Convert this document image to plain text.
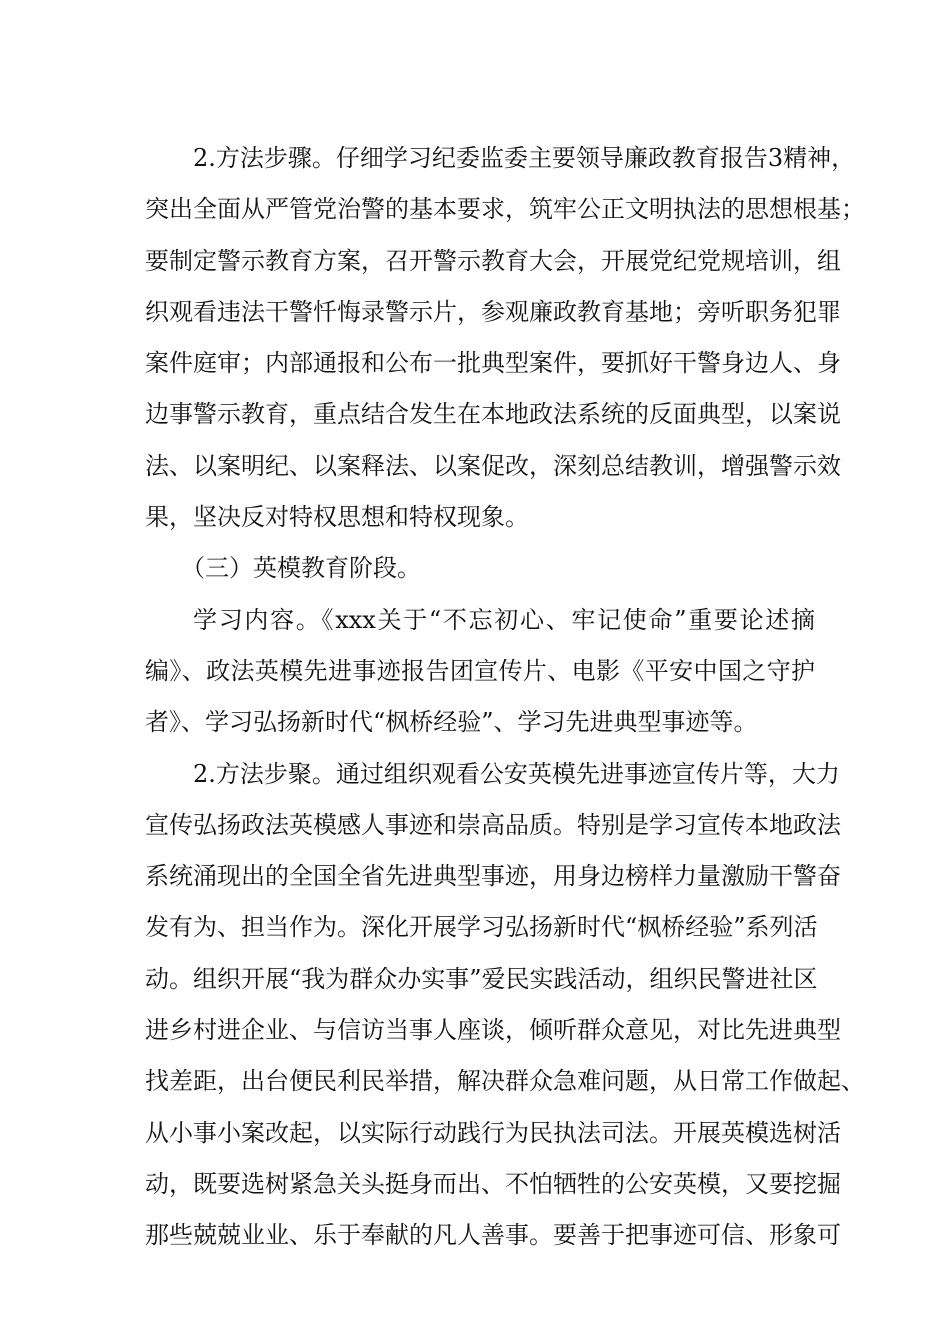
2.方法步骤。仔细学习纪委监委主要领导廉政教育报告3精神，
突出全面从严管党治警的基本要求，筑牢公正文明执法的思想根基；
要制定警示教育方案，召开警示教育大会，开展党纪党规培训，组
织观看违法干警忏悔录警示片，参观廉政教育基地；旁听职务犯罪
案件庭审；内部通报和公布一批典型案件，要抓好干警身边人、身
边事警示教育，重点结合发生在本地政法系统的反面典型，以案说
法、以案明纪、以案释法、以案促改，深刻总结教训，增强警示效
果，坚决反对特权思想和特权现象。
（三）英模教育阶段。
学习内容。《xxx关于“不忘初心、牢记使命”重要论述摘
编》、政法英模先进事迹报告团宣传片、电影《平安中国之守护
者》、学习弘扬新时代“枫桥经验”、学习先进典型事迹等。
2.方法步聚。通过组织观看公安英模先进事迹宣传片等，大力
宣传弘扬政法英模感人事迹和崇高品质。特别是学习宣传本地政法
系统涌现出的全国全省先进典型事迹，用身边榜样力量激励干警奋
发有为、担当作为。深化开展学习弘扬新时代“枫桥经验”系列活
动。组织开展“我为群众办实事”爱民实践活动，组织民警进社区
进乡村进企业、与信访当事人座谈，倾听群众意见，对比先进典型
找差距，出台便民利民举措，解决群众急难问题，从日常工作做起、
从小事小案改起，以实际行动践行为民执法司法。开展英模选树活
动，既要选树紧急关头挺身而出、不怕牺牲的公安英模，又要挖掘
那些兢兢业业、乐于奉献的凡人善事。要善于把事迹可信、形象可
